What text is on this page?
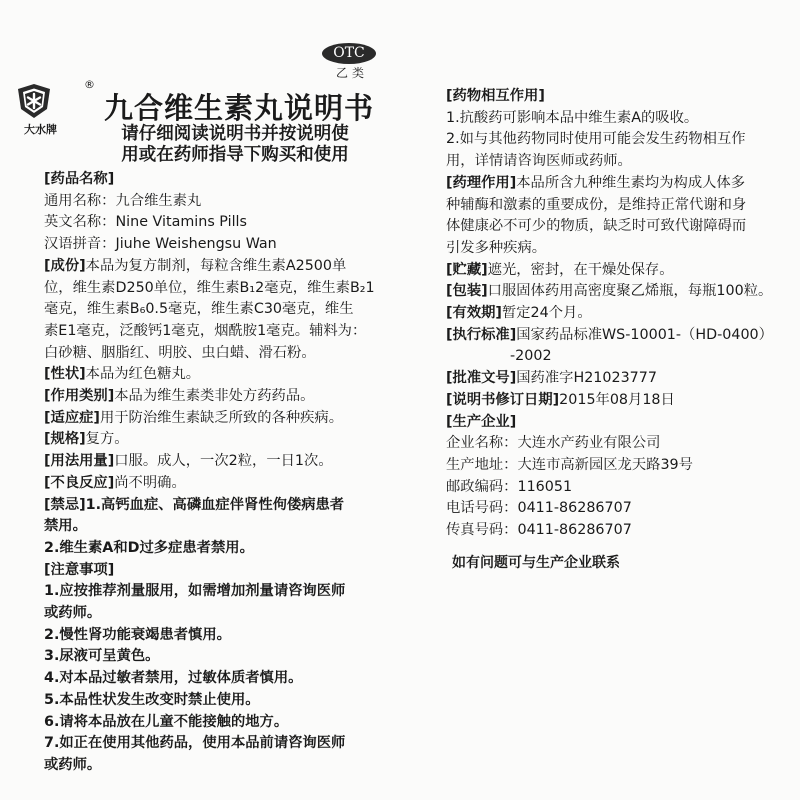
OTC
乙类
®
大水牌
九合维生素丸说明书
请仔细阅读说明书并按说明使
用或在药师指导下购买和使用
[药品名称]
通用名称：九合维生素丸
英文名称：Nine Vitamins Pills
汉语拼音：Jiuhe Weishengsu Wan
[成份]本品为复方制剂，每粒含维生素A2500单
位，维生素D250单位，维生素B₁2毫克，维生素B₂1
毫克，维生素B₆0.5毫克，维生素C30毫克，维生
素E1毫克，泛酸钙1毫克，烟酰胺1毫克。辅料为：
白砂糖、胭脂红、明胶、虫白蜡、滑石粉。
[性状]本品为红色糖丸。
[作用类别]本品为维生素类非处方药药品。
[适应症]用于防治维生素缺乏所致的各种疾病。
[规格]复方。
[用法用量]口服。成人，一次2粒，一日1次。
[不良反应]尚不明确。
[禁忌]1.高钙血症、高磷血症伴肾性佝偻病患者
禁用。
2.维生素A和D过多症患者禁用。
[注意事项]
1.应按推荐剂量服用，如需增加剂量请咨询医师
或药师。
2.慢性肾功能衰竭患者慎用。
3.尿液可呈黄色。
4.对本品过敏者禁用，过敏体质者慎用。
5.本品性状发生改变时禁止使用。
6.请将本品放在儿童不能接触的地方。
7.如正在使用其他药品，使用本品前请咨询医师
或药师。
[药物相互作用]
1.抗酸药可影响本品中维生素A的吸收。
2.如与其他药物同时使用可能会发生药物相互作
用，详情请咨询医师或药师。
[药理作用]本品所含九种维生素均为构成人体多
种辅酶和激素的重要成份，是维持正常代谢和身
体健康必不可少的物质，缺乏时可致代谢障碍而
引发多种疾病。
[贮藏]遮光，密封，在干燥处保存。
[包装]口服固体药用高密度聚乙烯瓶，每瓶100粒。
[有效期]暂定24个月。
[执行标准]国家药品标准WS-10001-（HD-0400）
-2002
[批准文号]国药准字H21023777
[说明书修订日期]2015年08月18日
[生产企业]
企业名称：大连水产药业有限公司
生产地址：大连市高新园区龙天路39号
邮政编码：116051
电话号码：0411-86286707
传真号码：0411-86286707
如有问题可与生产企业联系
